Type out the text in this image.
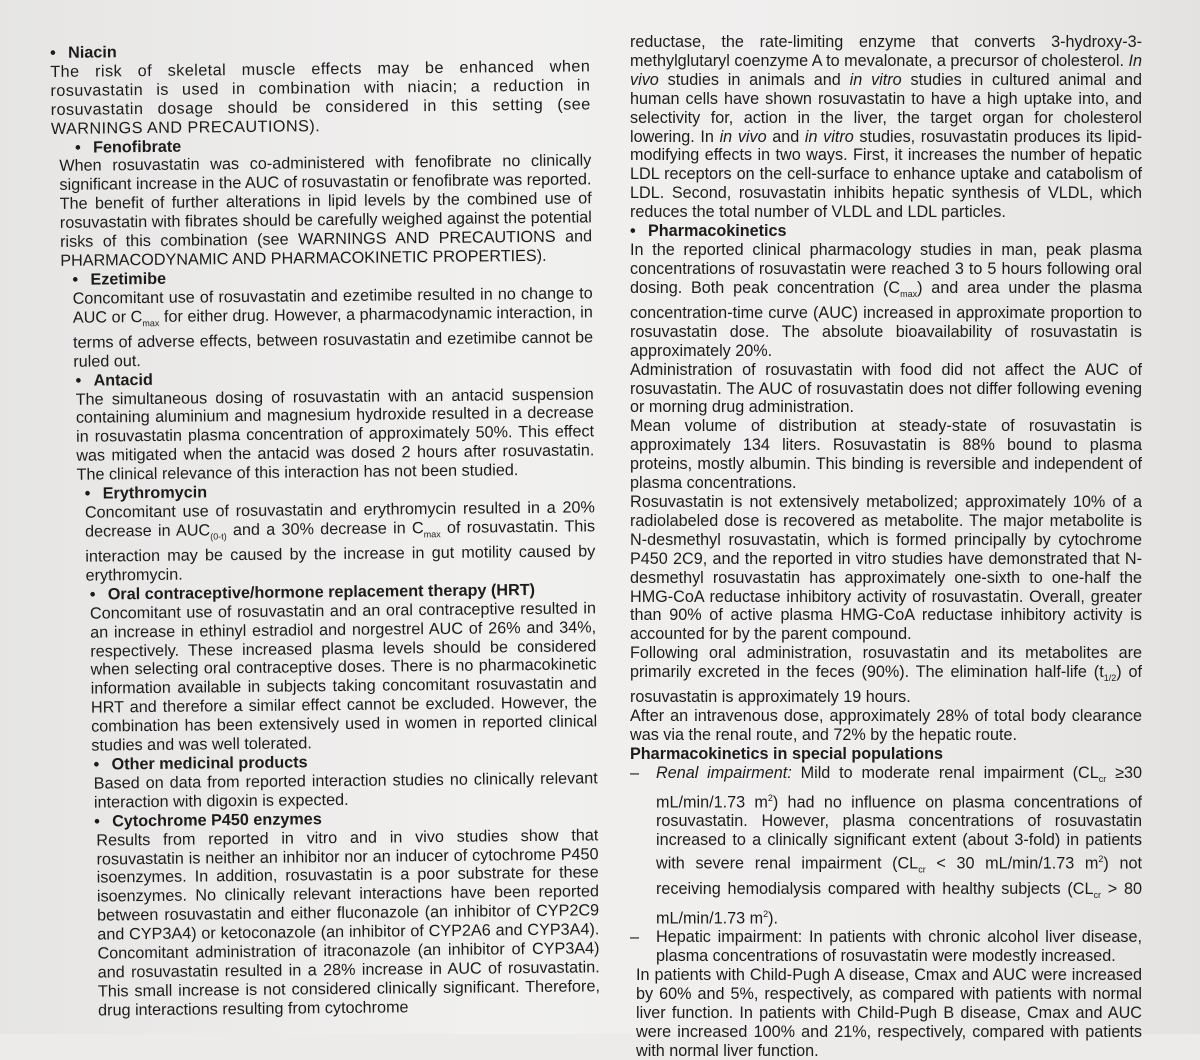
• Niacin

The risk of skeletal muscle effects may be enhanced when rosuvastatin is used in combination with niacin; a reduction in rosuvastatin dosage should be considered in this setting (see WARNINGS AND PRECAUTIONS).

• Fenofibrate

When rosuvastatin was co-administered with fenofibrate no clinically significant increase in the AUC of rosuvastatin or fenofibrate was reported. The benefit of further alterations in lipid levels by the combined use of rosuvastatin with fibrates should be carefully weighed against the potential risks of this combination (see WARNINGS AND PRECAUTIONS and PHARMACODYNAMIC AND PHARMACOKINETIC PROPERTIES).

• Ezetimibe

Concomitant use of rosuvastatin and ezetimibe resulted in no change to AUC or $C_{max}$ for either drug. However, a pharmacodynamic interaction, in terms of adverse effects, between rosuvastatin and ezetimibe cannot be ruled out.

• Antacid

The simultaneous dosing of rosuvastatin with an antacid suspension containing aluminium and magnesium hydroxide resulted in a decrease in rosuvastatin plasma concentration of approximately 50%. This effect was mitigated when the antacid was dosed 2 hours after rosuvastatin. The clinical relevance of this interaction has not been studied.

• Erythromycin

Concomitant use of rosuvastatin and erythromycin resulted in a 20% decrease in $AUC_{(0-t)}$ and a 30% decrease in $C_{max}$ of rosuvastatin. This interaction may be caused by the increase in gut motility caused by erythromycin.

• Oral contraceptive/hormone replacement therapy (HRT)

Concomitant use of rosuvastatin and an oral contraceptive resulted in an increase in ethinyl estradiol and norgestrel AUC of 26% and 34%, respectively. These increased plasma levels should be considered when selecting oral contraceptive doses. There is no pharmacokinetic information available in subjects taking concomitant rosuvastatin and HRT and therefore a similar effect cannot be excluded. However, the combination has been extensively used in women in reported clinical studies and was well tolerated.

• Other medicinal products

Based on data from reported interaction studies no clinically relevant interaction with digoxin is expected.

• Cytochrome P450 enzymes

Results from reported in vitro and in vivo studies show that rosuvastatin is neither an inhibitor nor an inducer of cytochrome P450 isoenzymes. In addition, rosuvastatin is a poor substrate for these isoenzymes. No clinically relevant interactions have been reported between rosuvastatin and either fluconazole (an inhibitor of CYP2C9 and CYP3A4) or ketoconazole (an inhibitor of CYP2A6 and CYP3A4). Concomitant administration of itraconazole (an inhibitor of CYP3A4) and rosuvastatin resulted in a 28% increase in AUC of rosuvastatin. This small increase is not considered clinically significant. Therefore, drug interactions resulting from cytochrome

reductase, the rate-limiting enzyme that converts 3-hydroxy-3-methylglutaryl coenzyme A to mevalonate, a precursor of cholesterol. In vivo studies in animals and in vitro studies in cultured animal and human cells have shown rosuvastatin to have a high uptake into, and selectivity for, action in the liver, the target organ for cholesterol lowering. In in vivo and in vitro studies, rosuvastatin produces its lipid-modifying effects in two ways. First, it increases the number of hepatic LDL receptors on the cell-surface to enhance uptake and catabolism of LDL. Second, rosuvastatin inhibits hepatic synthesis of VLDL, which reduces the total number of VLDL and LDL particles.

• Pharmacokinetics

In the reported clinical pharmacology studies in man, peak plasma concentrations of rosuvastatin were reached 3 to 5 hours following oral dosing. Both peak concentration $(C_{max})$ and area under the plasma concentration-time curve (AUC) increased in approximate proportion to rosuvastatin dose. The absolute bioavailability of rosuvastatin is approximately 20%.

Administration of rosuvastatin with food did not affect the AUC of rosuvastatin. The AUC of rosuvastatin does not differ following evening or morning drug administration.

Mean volume of distribution at steady-state of rosuvastatin is approximately 134 liters. Rosuvastatin is 88% bound to plasma proteins, mostly albumin. This binding is reversible and independent of plasma concentrations.

Rosuvastatin is not extensively metabolized; approximately 10% of a radiolabeled dose is recovered as metabolite. The major metabolite is N-desmethyl rosuvastatin, which is formed principally by cytochrome P450 2C9, and the reported in vitro studies have demonstrated that N-desmethyl rosuvastatin has approximately one-sixth to one-half the HMG-CoA reductase inhibitory activity of rosuvastatin. Overall, greater than 90% of active plasma HMG-CoA reductase inhibitory activity is accounted for by the parent compound.

Following oral administration, rosuvastatin and its metabolites are primarily excreted in the feces (90%). The elimination half-life $(t_{1/2})$ of rosuvastatin is approximately 19 hours.

After an intravenous dose, approximately 28% of total body clearance was via the renal route, and 72% by the hepatic route.

Pharmacokinetics in special populations
– Renal impairment: Mild to moderate renal impairment ($CL_{cr} \ge 30$ mL/min/1.73 $m^2$) had no influence on plasma concentrations of rosuvastatin. However, plasma concentrations of rosuvastatin increased to a clinically significant extent (about 3-fold) in patients with severe renal impairment ($CL_{cr} < 30$ mL/min/1.73 $m^2$) not receiving hemodialysis compared with healthy subjects ($CL_{cr} > 80$ mL/min/1.73 $m^2$).
– Hepatic impairment: In patients with chronic alcohol liver disease, plasma concentrations of rosuvastatin were modestly increased.

In patients with Child-Pugh A disease, Cmax and AUC were increased by 60% and 5%, respectively, as compared with patients with normal liver function. In patients with Child-Pugh B disease, Cmax and AUC were increased 100% and 21%, respectively, compared with patients with normal liver function.
